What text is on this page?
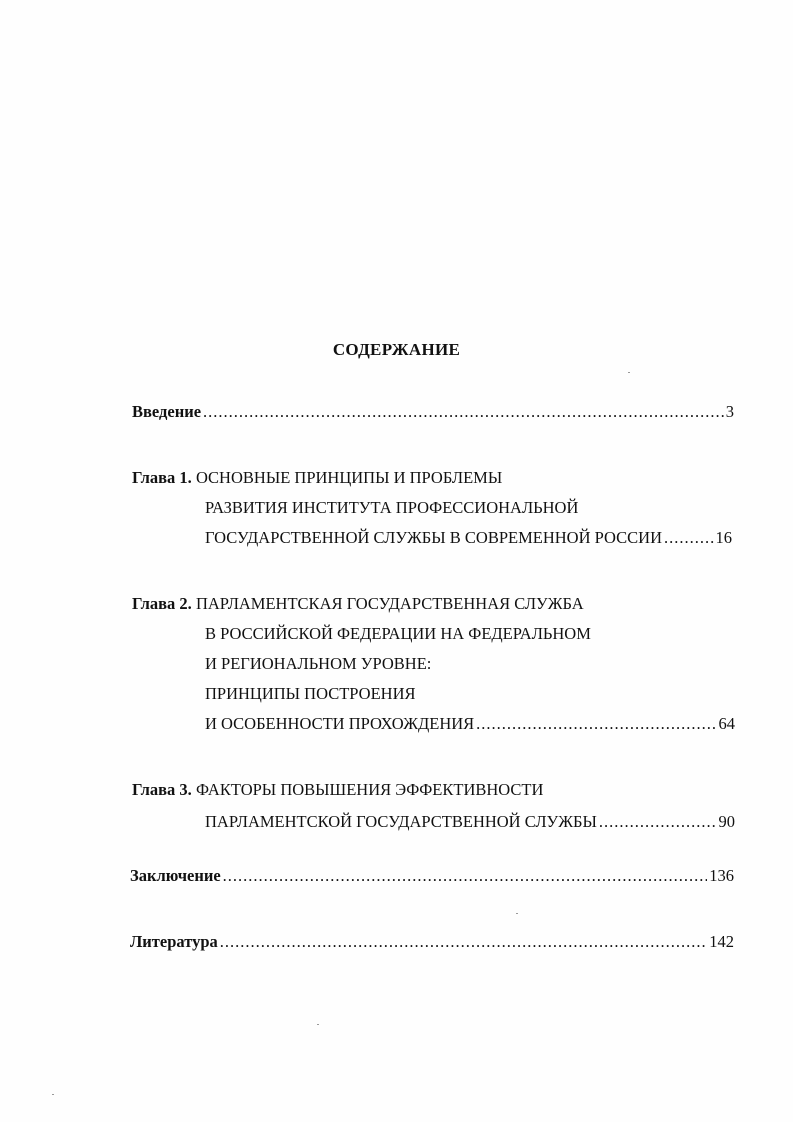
СОДЕРЖАНИЕ
Введение .....	3
Глава 1. ОСНОВНЫЕ ПРИНЦИПЫ И ПРОБЛЕМЫ
РАЗВИТИЯ ИНСТИТУТА ПРОФЕССИОНАЛЬНОЙ
ГОСУДАРСТВЕННОЙ СЛУЖБЫ В СОВРЕМЕННОЙ РОССИИ .....	16
Глава 2. ПАРЛАМЕНТСКАЯ ГОСУДАРСТВЕННАЯ СЛУЖБА
В РОССИЙСКОЙ ФЕДЕРАЦИИ НА ФЕДЕРАЛЬНОМ
И РЕГИОНАЛЬНОМ УРОВНЕ:
ПРИНЦИПЫ ПОСТРОЕНИЯ
И ОСОБЕННОСТИ ПРОХОЖДЕНИЯ .....	64
Глава 3. ФАКТОРЫ ПОВЫШЕНИЯ ЭФФЕКТИВНОСТИ
ПАРЛАМЕНТСКОЙ ГОСУДАРСТВЕННОЙ СЛУЖБЫ .....	90
Заключение .....	136
Литература .....	142
